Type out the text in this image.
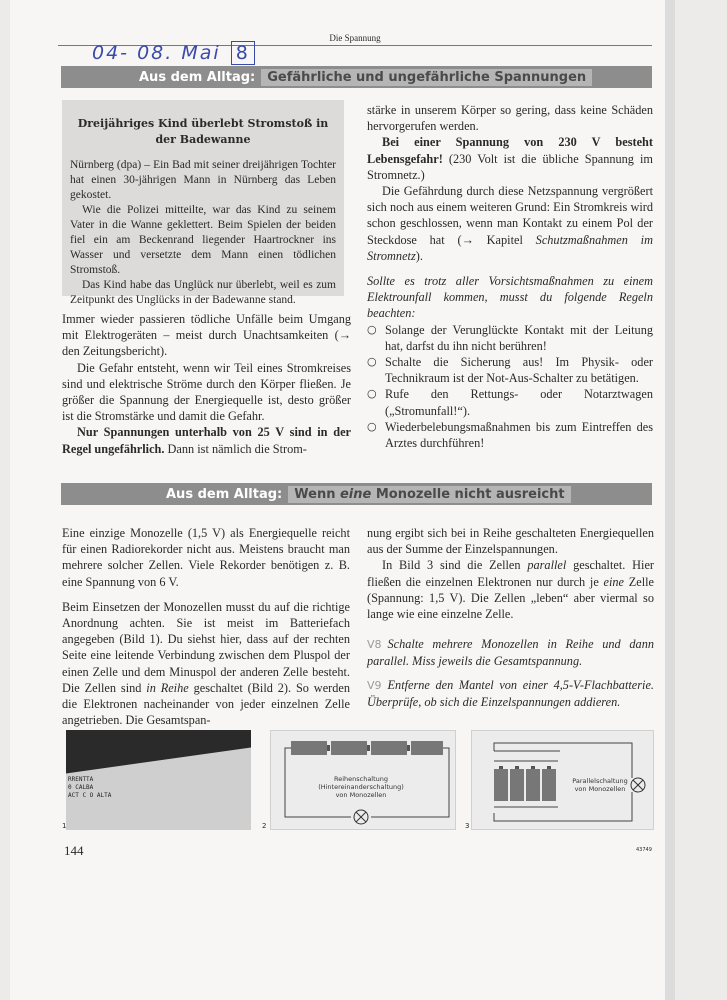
Die Spannung
04- 08. Mai 8
Aus dem Alltag: Gefährliche und ungefährliche Spannungen
Dreijähriges Kind überlebt Stromstoß in der Badewanne

Nürnberg (dpa) – Ein Bad mit seiner dreijährigen Tochter hat einen 30-jährigen Mann in Nürnberg das Leben gekostet.

Wie die Polizei mitteilte, war das Kind zu seinem Vater in die Wanne geklettert. Beim Spielen der beiden fiel ein am Beckenrand liegender Haartrockner ins Wasser und versetzte dem Mann einen tödlichen Stromstoß.

Das Kind habe das Unglück nur überlebt, weil es zum Zeitpunkt des Unglücks in der Badewanne stand.

Immer wieder passieren tödliche Unfälle beim Umgang mit Elektrogeräten – meist durch Unachtsamkeiten (→ den Zeitungsbericht).

Die Gefahr entsteht, wenn wir Teil eines Stromkreises sind und elektrische Ströme durch den Körper fließen. Je größer die Spannung der Energiequelle ist, desto größer ist die Stromstärke und damit die Gefahr.

Nur Spannungen unterhalb von 25 V sind in der Regel ungefährlich. Dann ist nämlich die Strom-

stärke in unserem Körper so gering, dass keine Schäden hervorgerufen werden.

Bei einer Spannung von 230 V besteht Lebensgefahr! (230 Volt ist die übliche Spannung im Stromnetz.)

Die Gefährdung durch diese Netzspannung vergrößert sich noch aus einem weiteren Grund: Ein Stromkreis wird schon geschlossen, wenn man Kontakt zu einem Pol der Steckdose hat (→ Kapitel Schutzmaßnahmen im Stromnetz).

Sollte es trotz aller Vorsichtsmaßnahmen zu einem Elektrounfall kommen, musst du folgende Regeln beachten:

○ Solange der Verunglückte Kontakt mit der Leitung hat, darfst du ihn nicht berühren!
○ Schalte die Sicherung aus! Im Physik- oder Technikraum ist der Not-Aus-Schalter zu betätigen.
○ Rufe den Rettungs- oder Notarztwagen („Stromunfall!“).
○ Wiederbelebungsmaßnahmen bis zum Eintreffen des Arztes durchführen!
Aus dem Alltag: Wenn eine Monozelle nicht ausreicht

Eine einzige Monozelle (1,5 V) als Energiequelle reicht für einen Radiorekorder nicht aus. Meistens braucht man mehrere solcher Zellen. Viele Rekorder benötigen z. B. eine Spannung von 6 V.

Beim Einsetzen der Monozellen musst du auf die richtige Anordnung achten. Sie ist meist im Batteriefach angegeben (Bild 1). Du siehst hier, dass auf der rechten Seite eine leitende Verbindung zwischen dem Pluspol der einen Zelle und dem Minuspol der anderen Zelle besteht. Die Zellen sind in Reihe geschaltet (Bild 2). So werden die Elektronen nacheinander von jeder einzelnen Zelle angetrieben. Die Gesamtspan-

nung ergibt sich bei in Reihe geschalteten Energiequellen aus der Summe der Einzelspannungen.

In Bild 3 sind die Zellen parallel geschaltet. Hier fließen die einzelnen Elektronen nur durch je eine Zelle (Spannung: 1,5 V). Die Zellen „leben“ aber viermal so lange wie eine einzelne Zelle.

V8 Schalte mehrere Monozellen in Reihe und dann parallel. Miss jeweils die Gesamtspannung.

V9 Entferne den Mantel von einer 4,5-V-Flachbatterie. Überprüfe, ob sich die Einzelspannungen addieren.

RRENTTA
0 CALBA
ACT C O ALTA
1
Reihenschaltung
(Hintereinanderschaltung)
von Monozellen
2
Parallelschaltung
von Monozellen
3
144	43749
